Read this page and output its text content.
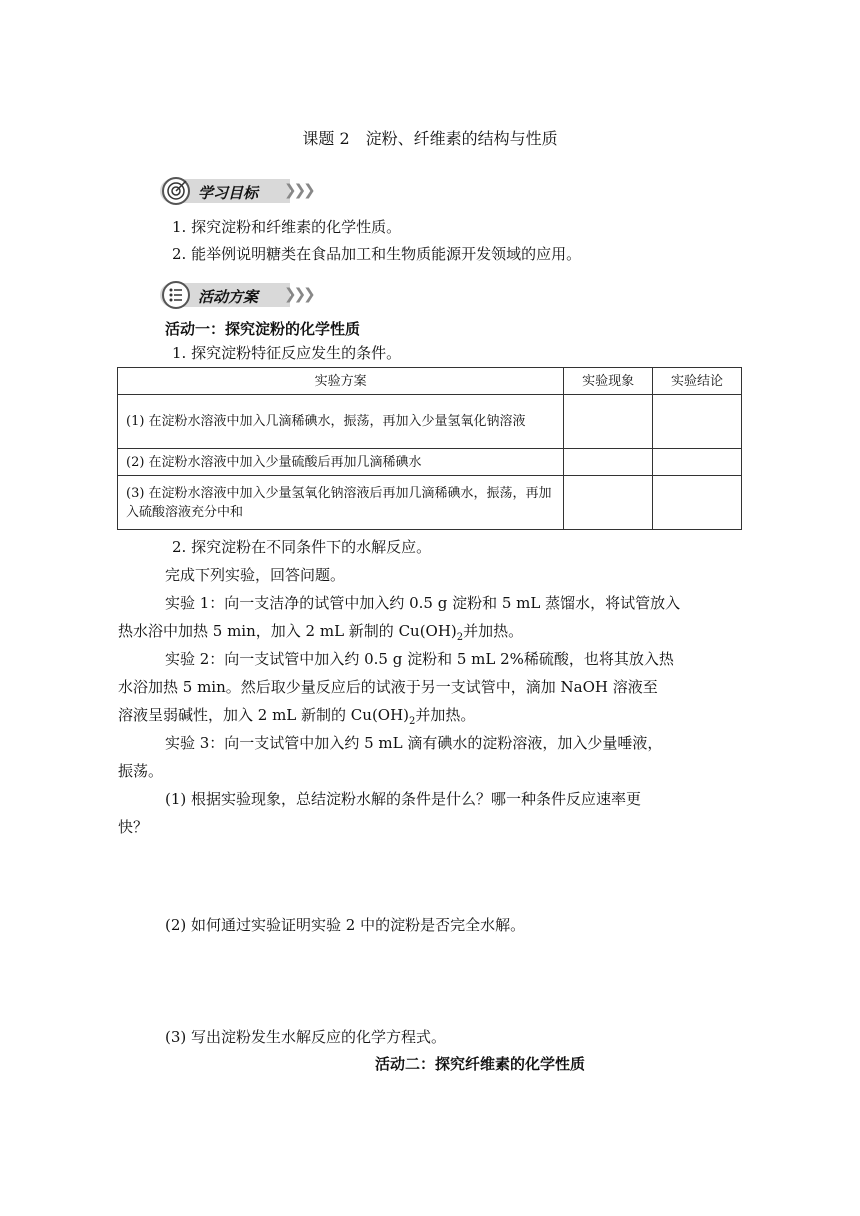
课题 2　淀粉、纤维素的结构与性质
学习目标 ❯❯❯
1. 探究淀粉和纤维素的化学性质。
2. 能举例说明糖类在食品加工和生物质能源开发领域的应用。
活动方案 ❯❯❯
活动一：探究淀粉的化学性质
1. 探究淀粉特征反应发生的条件。
实验方案	实验现象	实验结论
(1) 在淀粉水溶液中加入几滴稀碘水，振荡，再加入少量氢氧化钠溶液		
(2) 在淀粉水溶液中加入少量硫酸后再加几滴稀碘水		
(3) 在淀粉水溶液中加入少量氢氧化钠溶液后再加几滴稀碘水，振荡，再加入硫酸溶液充分中和		
2. 探究淀粉在不同条件下的水解反应。
完成下列实验，回答问题。
实验 1：向一支洁净的试管中加入约 0.5 g 淀粉和 5 mL 蒸馏水，将试管放入
热水浴中加热 5 min，加入 2 mL 新制的 $Cu(OH)_2$并加热。
实验 2：向一支试管中加入约 0.5 g 淀粉和 5 mL 2%稀硫酸，也将其放入热
水浴加热 5 min。然后取少量反应后的试液于另一支试管中，滴加 NaOH 溶液至
溶液呈弱碱性，加入 2 mL 新制的 $Cu(OH)_2$并加热。
实验 3：向一支试管中加入约 5 mL 滴有碘水的淀粉溶液，加入少量唾液，
振荡。
(1) 根据实验现象，总结淀粉水解的条件是什么？哪一种条件反应速率更
快？
(2) 如何通过实验证明实验 2 中的淀粉是否完全水解。
(3) 写出淀粉发生水解反应的化学方程式。
活动二：探究纤维素的化学性质
